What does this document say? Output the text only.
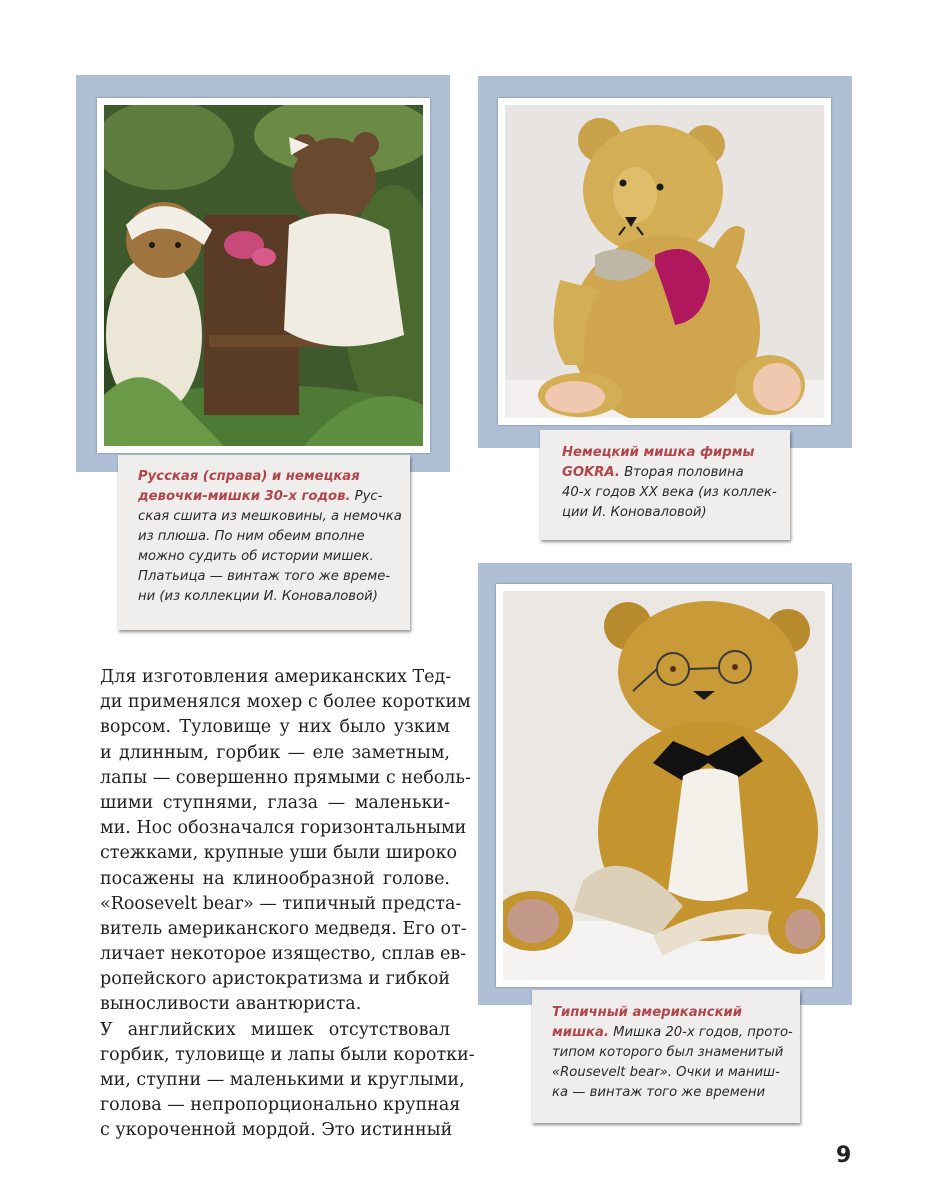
Русская (справа) и немецкая
девочки-мишки 30-х годов. Рус-
ская сшита из мешковины, а немочка
из плюша. По ним обеим вполне
можно судить об истории мишек.
Платьица — винтаж того же време-
ни (из коллекции И. Коноваловой)
Немецкий мишка фирмы
GOKRA. Вторая половина
40-х годов XX века (из коллек-
ции И. Коноваловой)
Типичный американский
мишка. Мишка 20-х годов, прото-
типом которого был знаменитый
«Rousevelt bear». Очки и маниш-
ка — винтаж того же времени
Для изготовления американских Тед-
ди применялся мохер с более коротким
ворсом. Туловище у них было узким
и длинным, горбик — еле заметным,
лапы — совершенно прямыми с неболь-
шими ступнями, глаза — маленьки-
ми. Нос обозначался горизонтальными
стежками, крупные уши были широко
посажены на клинообразной голове.
«Roosevelt bear» — типичный предста-
витель американского медведя. Его от-
личает некоторое изящество, сплав ев-
ропейского аристократизма и гибкой
выносливости авантюриста.
У английских мишек отсутствовал
горбик, туловище и лапы были коротки-
ми, ступни — маленькими и круглыми,
голова — непропорционально крупная
с укороченной мордой. Это истинный
9
